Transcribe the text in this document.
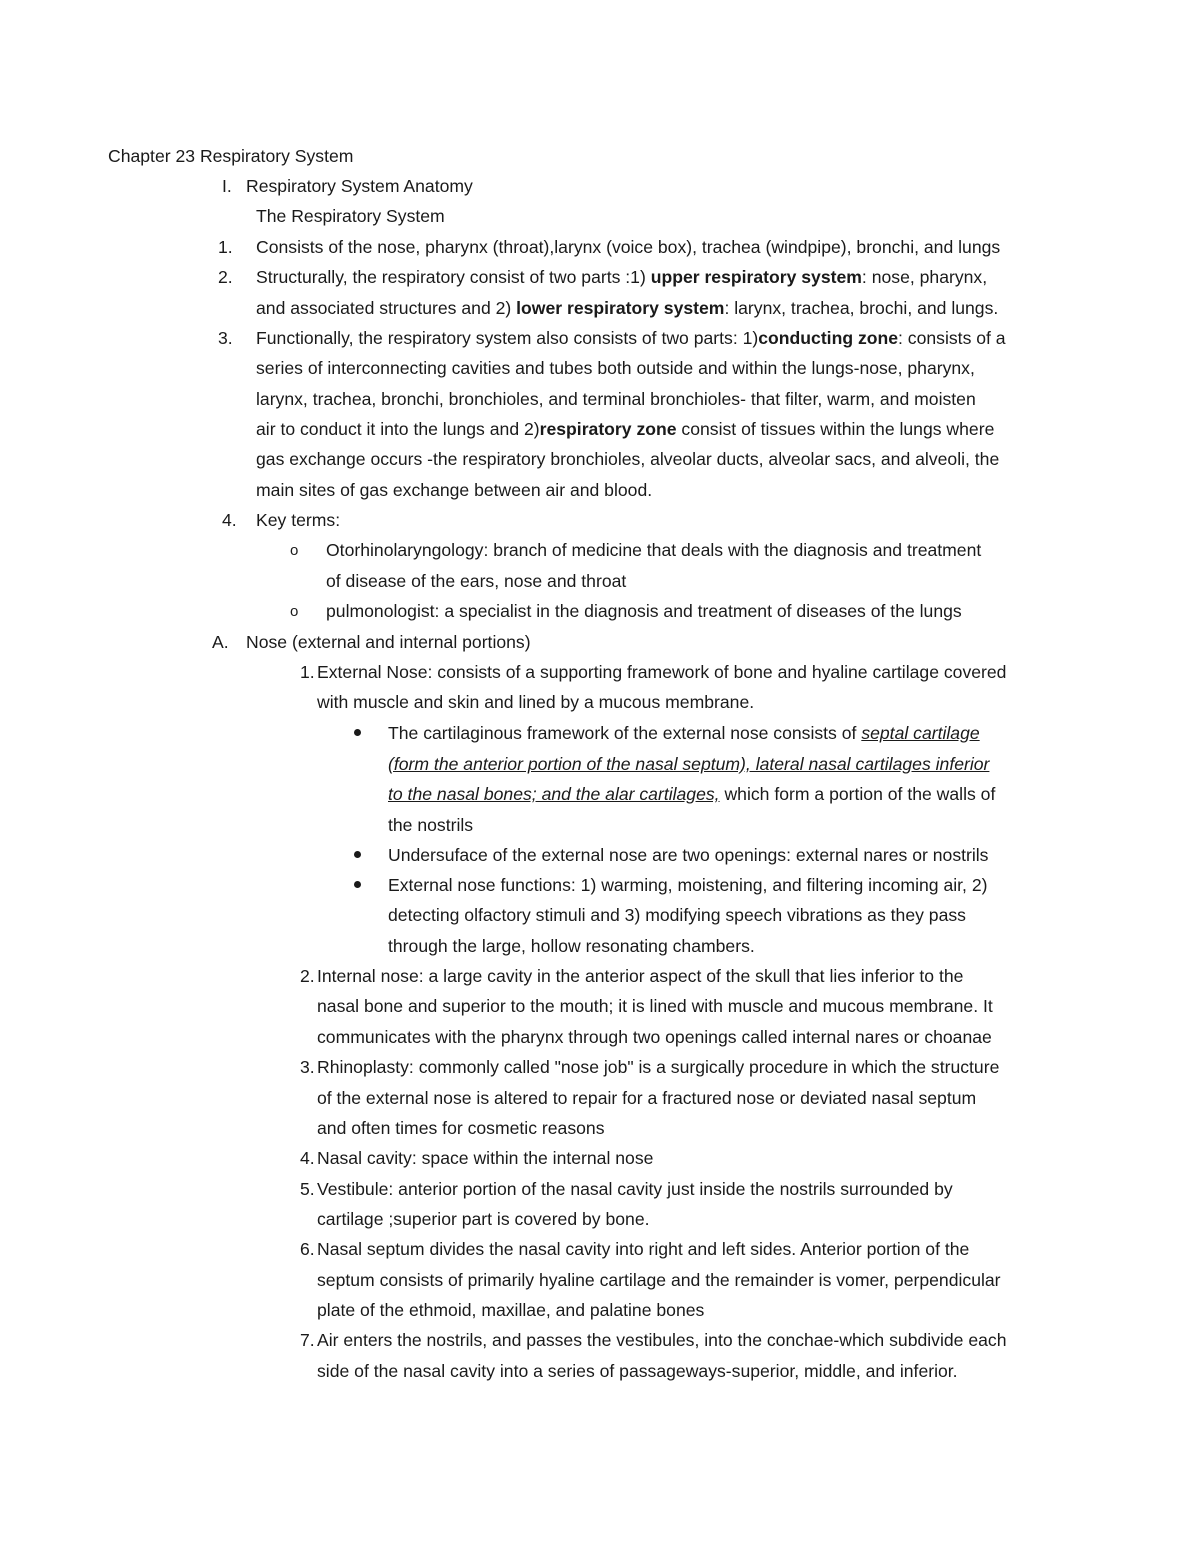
Chapter 23 Respiratory System
I. Respiratory System Anatomy
The Respiratory System
1. Consists of the nose, pharynx (throat),larynx (voice box), trachea (windpipe), bronchi, and lungs
2. Structurally, the respiratory consist of two parts :1) upper respiratory system: nose, pharynx,
and associated structures and 2) lower respiratory system: larynx, trachea, brochi, and lungs.
3. Functionally, the respiratory system also consists of two parts: 1)conducting zone: consists of a
series of interconnecting cavities and tubes both outside and within the lungs-nose, pharynx,
larynx, trachea, bronchi, bronchioles, and terminal bronchioles- that filter, warm, and moisten
air to conduct it into the lungs and 2)respiratory zone consist of tissues within the lungs where
gas exchange occurs -the respiratory bronchioles, alveolar ducts, alveolar sacs, and alveoli, the
main sites of gas exchange between air and blood.
4. Key terms:
o Otorhinolaryngology: branch of medicine that deals with the diagnosis and treatment
of disease of the ears, nose and throat
o pulmonologist: a specialist in the diagnosis and treatment of diseases of the lungs
A. Nose (external and internal portions)
1. External Nose: consists of a supporting framework of bone and hyaline cartilage covered
with muscle and skin and lined by a mucous membrane.
The cartilaginous framework of the external nose consists of septal cartilage
(form the anterior portion of the nasal septum), lateral nasal cartilages inferior
to the nasal bones; and the alar cartilages, which form a portion of the walls of
the nostrils
Undersuface of the external nose are two openings: external nares or nostrils
External nose functions: 1) warming, moistening, and filtering incoming air, 2)
detecting olfactory stimuli and 3) modifying speech vibrations as they pass
through the large, hollow resonating chambers.
2. Internal nose: a large cavity in the anterior aspect of the skull that lies inferior to the
nasal bone and superior to the mouth; it is lined with muscle and mucous membrane. It
communicates with the pharynx through two openings called internal nares or choanae
3. Rhinoplasty: commonly called "nose job" is a surgically procedure in which the structure
of the external nose is altered to repair for a fractured nose or deviated nasal septum
and often times for cosmetic reasons
4. Nasal cavity: space within the internal nose
5. Vestibule: anterior portion of the nasal cavity just inside the nostrils surrounded by
cartilage ;superior part is covered by bone.
6. Nasal septum divides the nasal cavity into right and left sides. Anterior portion of the
septum consists of primarily hyaline cartilage and the remainder is vomer, perpendicular
plate of the ethmoid, maxillae, and palatine bones
7. Air enters the nostrils, and passes the vestibules, into the conchae-which subdivide each
side of the nasal cavity into a series of passageways-superior, middle, and inferior.
